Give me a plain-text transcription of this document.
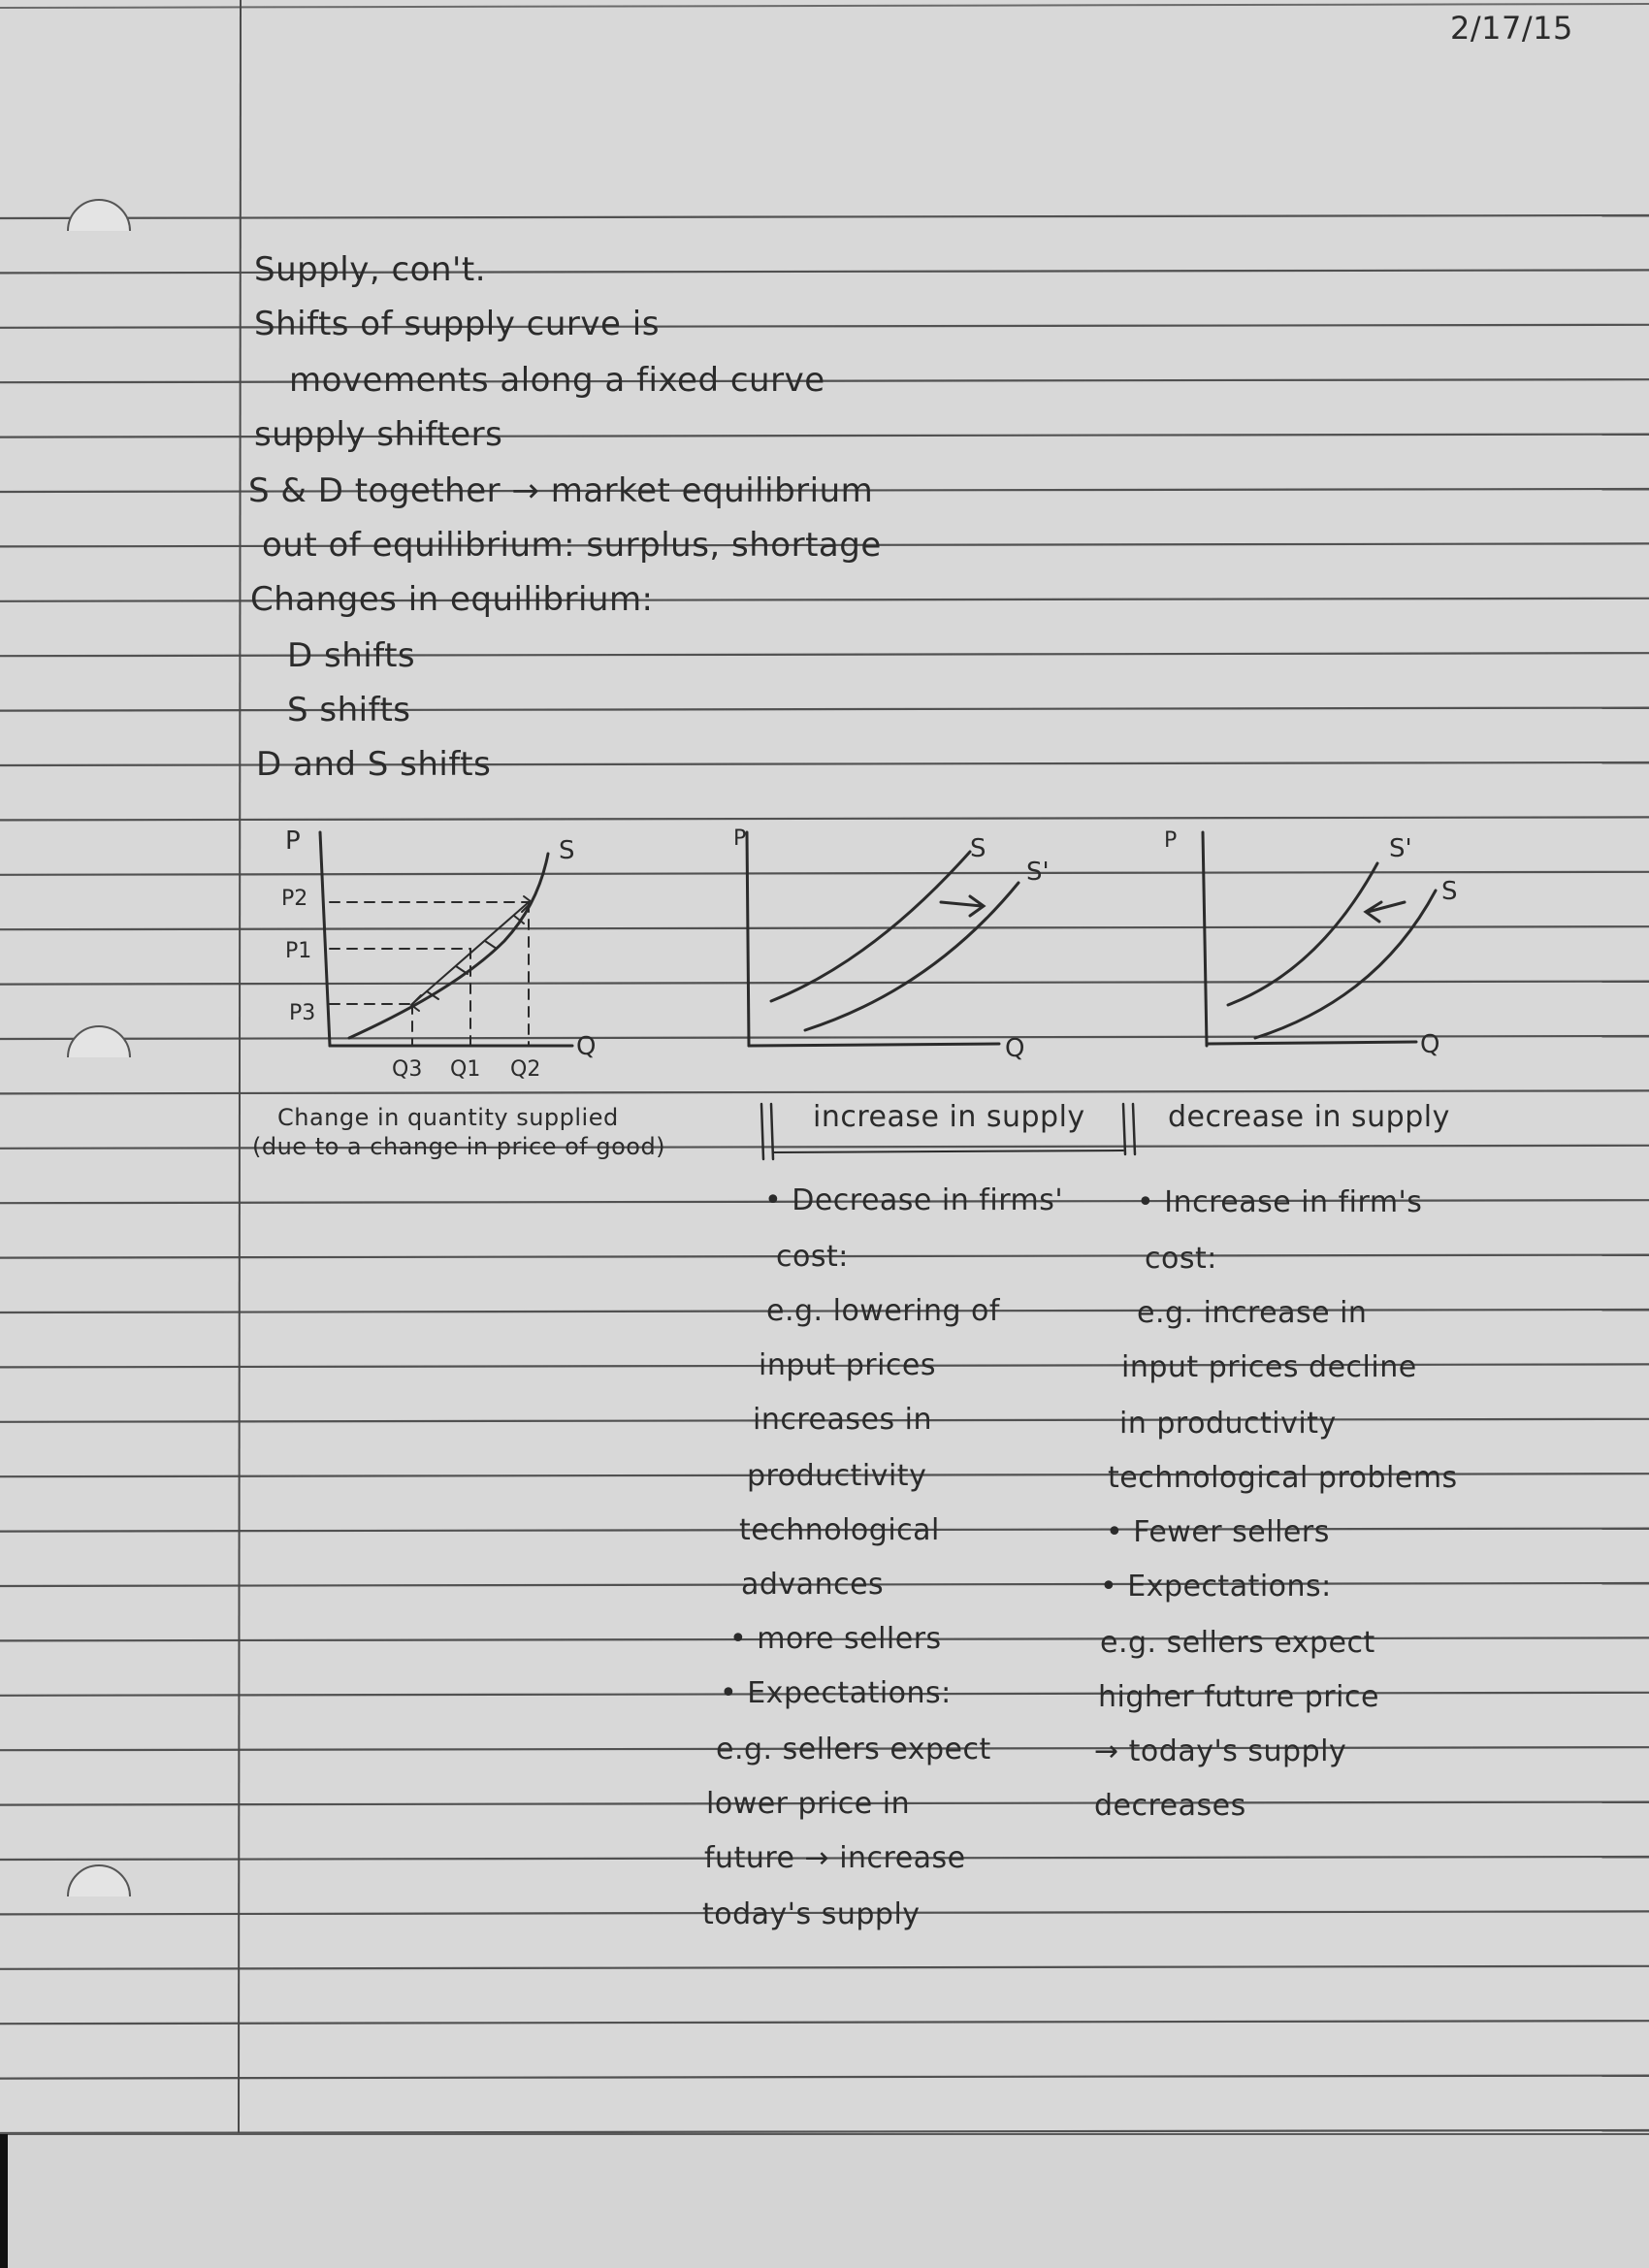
2/17/15
Supply, con't.
Shifts of supply curve is
movements along a fixed curve
supply shifters
S & D together → market equilibrium
out of equilibrium: surplus, shortage
Changes in equilibrium:
D shifts
S shifts
D and S shifts
P
Q
S
P2
P1
P3
Q3 Q1 Q2
P
Q
S
S'
P
Q
S'
S
Change in quantity supplied
(due to a change in price of good)
increase in supply	decrease in supply
• Decrease in firms'
cost:
e.g. lowering of
input prices
increases in
productivity
technological
advances
• more sellers
• Expectations:
e.g. sellers expect
lower price in
future → increase
today's supply
• Increase in firm's
cost:
e.g. increase in
input prices decline
in productivity
technological problems
• Fewer sellers
• Expectations:
e.g. sellers expect
higher future price
→ today's supply
decreases
